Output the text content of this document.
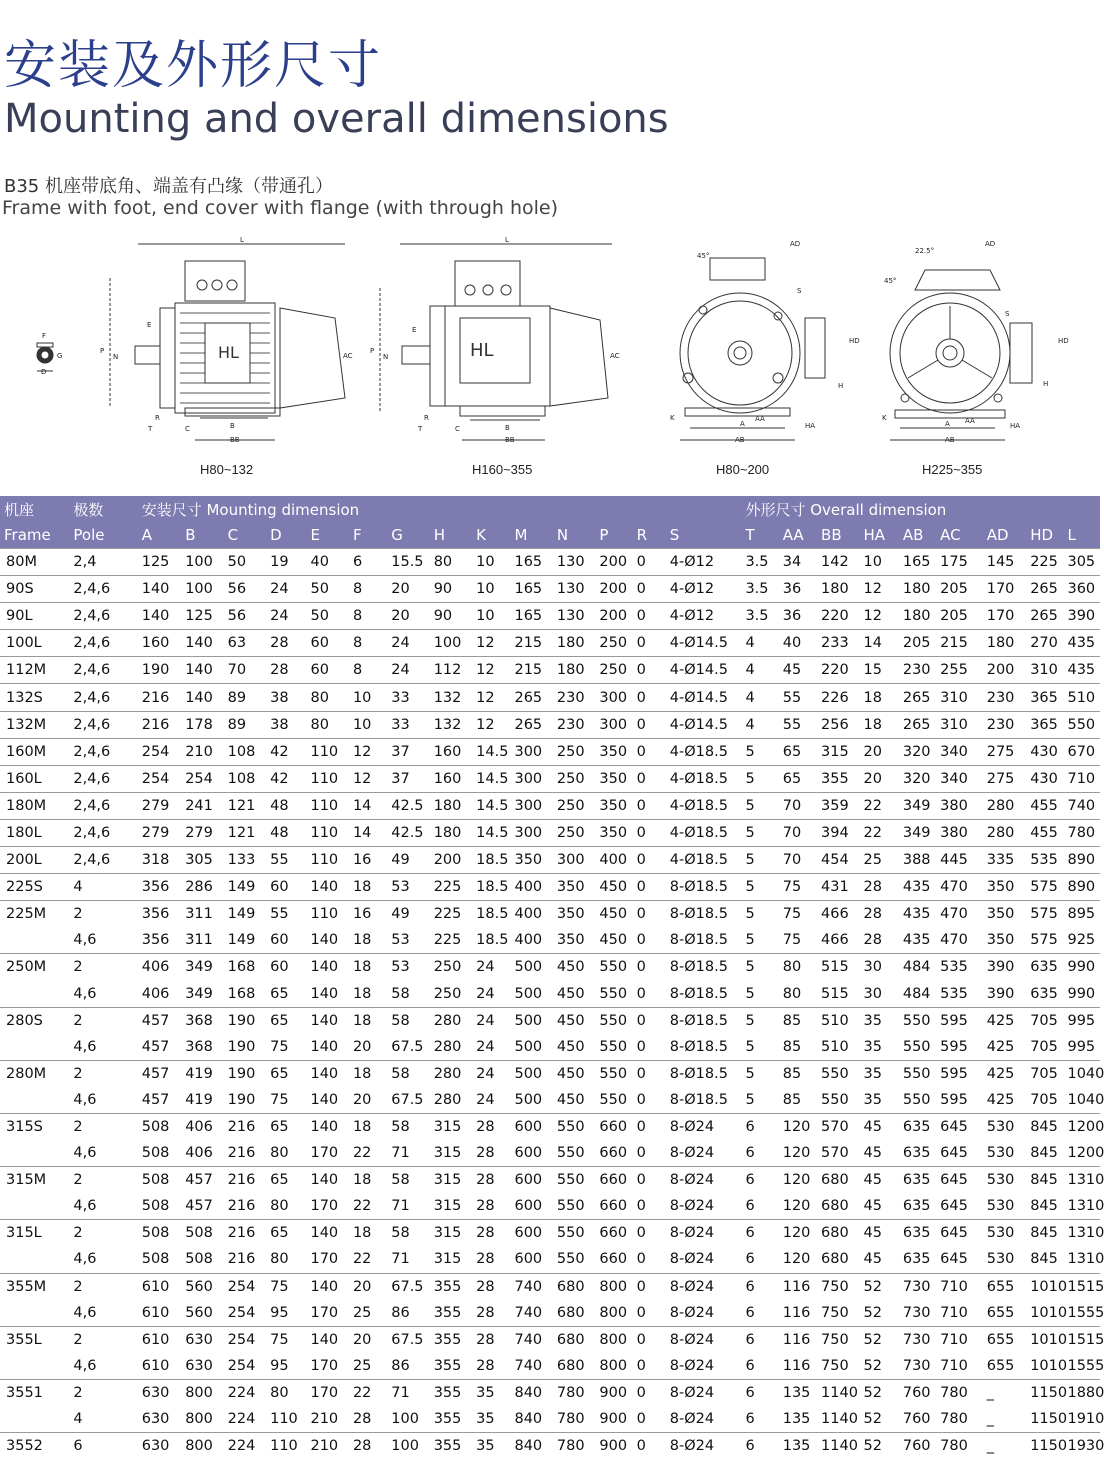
安装及外形尺寸
Mounting and overall dimensions
B35 机座带底角、端盖有凸缘（带通孔）
Frame with foot, end cover with flange (with through hole)
D
F
G
L
HL
P
N
E
AC
B
BB
R
T	C
L
HL
P
N
E
AC
B
BB
R
T	C
AD
45°
S
HD
H
A
AB
AA
K
HA
AD
22.5°
45°
S
HD
H
A
AB
AA
K
HA
H80~132	H160~355	H80~200	H225~355
机座	极数	安装尺寸 Mounting dimension														外形尺寸 Overall dimension								
Frame	Pole	A	B	C	D	E	F	G	H	K	M	N	P	R	S	T	AA	BB	HA	AB	AC	AD	HD	L
80M	2,4	125	100	50	19	40	6	15.5	80	10	165	130	200	0	4-Ø12	3.5	34	142	10	165	175	145	225	305
90S	2,4,6	140	100	56	24	50	8	20	90	10	165	130	200	0	4-Ø12	3.5	36	180	12	180	205	170	265	360
90L	2,4,6	140	125	56	24	50	8	20	90	10	165	130	200	0	4-Ø12	3.5	36	220	12	180	205	170	265	390
100L	2,4,6	160	140	63	28	60	8	24	100	12	215	180	250	0	4-Ø14.5	4	40	233	14	205	215	180	270	435
112M	2,4,6	190	140	70	28	60	8	24	112	12	215	180	250	0	4-Ø14.5	4	45	220	15	230	255	200	310	435
132S	2,4,6	216	140	89	38	80	10	33	132	12	265	230	300	0	4-Ø14.5	4	55	226	18	265	310	230	365	510
132M	2,4,6	216	178	89	38	80	10	33	132	12	265	230	300	0	4-Ø14.5	4	55	256	18	265	310	230	365	550
160M	2,4,6	254	210	108	42	110	12	37	160	14.5	300	250	350	0	4-Ø18.5	5	65	315	20	320	340	275	430	670
160L	2,4,6	254	254	108	42	110	12	37	160	14.5	300	250	350	0	4-Ø18.5	5	65	355	20	320	340	275	430	710
180M	2,4,6	279	241	121	48	110	14	42.5	180	14.5	300	250	350	0	4-Ø18.5	5	70	359	22	349	380	280	455	740
180L	2,4,6	279	279	121	48	110	14	42.5	180	14.5	300	250	350	0	4-Ø18.5	5	70	394	22	349	380	280	455	780
200L	2,4,6	318	305	133	55	110	16	49	200	18.5	350	300	400	0	4-Ø18.5	5	70	454	25	388	445	335	535	890
225S	4	356	286	149	60	140	18	53	225	18.5	400	350	450	0	8-Ø18.5	5	75	431	28	435	470	350	575	890
225M	2	356	311	149	55	110	16	49	225	18.5	400	350	450	0	8-Ø18.5	5	75	466	28	435	470	350	575	895
	4,6	356	311	149	60	140	18	53	225	18.5	400	350	450	0	8-Ø18.5	5	75	466	28	435	470	350	575	925
250M	2	406	349	168	60	140	18	53	250	24	500	450	550	0	8-Ø18.5	5	80	515	30	484	535	390	635	990
	4,6	406	349	168	65	140	18	58	250	24	500	450	550	0	8-Ø18.5	5	80	515	30	484	535	390	635	990
280S	2	457	368	190	65	140	18	58	280	24	500	450	550	0	8-Ø18.5	5	85	510	35	550	595	425	705	995
	4,6	457	368	190	75	140	20	67.5	280	24	500	450	550	0	8-Ø18.5	5	85	510	35	550	595	425	705	995
280M	2	457	419	190	65	140	18	58	280	24	500	450	550	0	8-Ø18.5	5	85	550	35	550	595	425	705	1040
	4,6	457	419	190	75	140	20	67.5	280	24	500	450	550	0	8-Ø18.5	5	85	550	35	550	595	425	705	1040
315S	2	508	406	216	65	140	18	58	315	28	600	550	660	0	8-Ø24	6	120	570	45	635	645	530	845	1200
	4,6	508	406	216	80	170	22	71	315	28	600	550	660	0	8-Ø24	6	120	570	45	635	645	530	845	1200
315M	2	508	457	216	65	140	18	58	315	28	600	550	660	0	8-Ø24	6	120	680	45	635	645	530	845	1310
	4,6	508	457	216	80	170	22	71	315	28	600	550	660	0	8-Ø24	6	120	680	45	635	645	530	845	1310
315L	2	508	508	216	65	140	18	58	315	28	600	550	660	0	8-Ø24	6	120	680	45	635	645	530	845	1310
	4,6	508	508	216	80	170	22	71	315	28	600	550	660	0	8-Ø24	6	120	680	45	635	645	530	845	1310
355M	2	610	560	254	75	140	20	67.5	355	28	740	680	800	0	8-Ø24	6	116	750	52	730	710	655	1010	1515
	4,6	610	560	254	95	170	25	86	355	28	740	680	800	0	8-Ø24	6	116	750	52	730	710	655	1010	1555
355L	2	610	630	254	75	140	20	67.5	355	28	740	680	800	0	8-Ø24	6	116	750	52	730	710	655	1010	1515
	4,6	610	630	254	95	170	25	86	355	28	740	680	800	0	8-Ø24	6	116	750	52	730	710	655	1010	1555
3551	2	630	800	224	80	170	22	71	355	35	840	780	900	0	8-Ø24	6	135	1140	52	760	780	_	1150	1880
	4	630	800	224	110	210	28	100	355	35	840	780	900	0	8-Ø24	6	135	1140	52	760	780	_	1150	1910
3552	6	630	800	224	110	210	28	100	355	35	840	780	900	0	8-Ø24	6	135	1140	52	760	780	_	1150	1930
